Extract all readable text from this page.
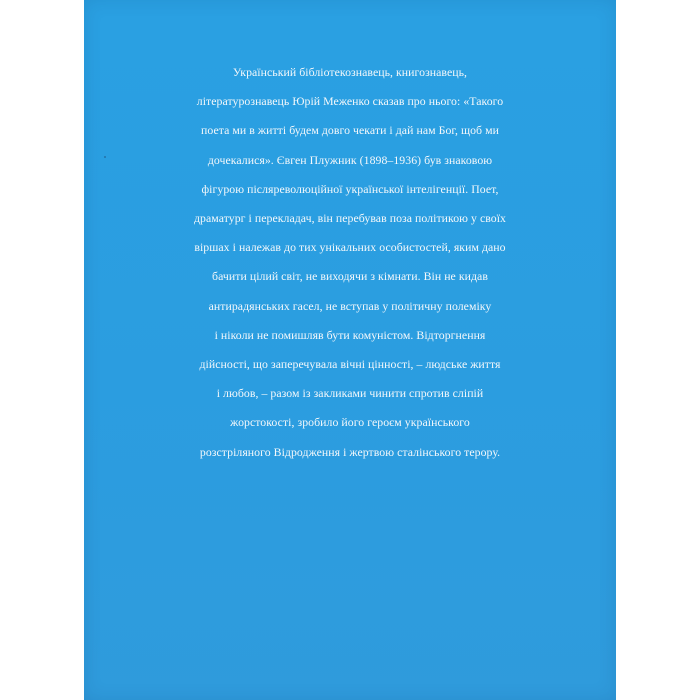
Український бібліотекознавець, книгознавець,
літературознавець Юрій Меженко сказав про нього: «Такого
поета ми в житті будем довго чекати і дай нам Бог, щоб ми
дочекалися». Євген Плужник (1898–1936) був знаковою
фігурою післяреволюційної української інтелігенції. Поет,
драматург і перекладач, він перебував поза політикою у своїх
віршах і належав до тих унікальних особистостей, яким дано
бачити цілий світ, не виходячи з кімнати. Він не кидав
антирадянських гасел, не вступав у політичну полеміку
і ніколи не помишляв бути комуністом. Відторгнення
дійсності, що заперечувала вічні цінності, – людське життя
і любов, – разом із закликами чинити спротив сліпій
жорстокості, зробило його героєм українського
розстріляного Відродження і жертвою сталінського терору.
